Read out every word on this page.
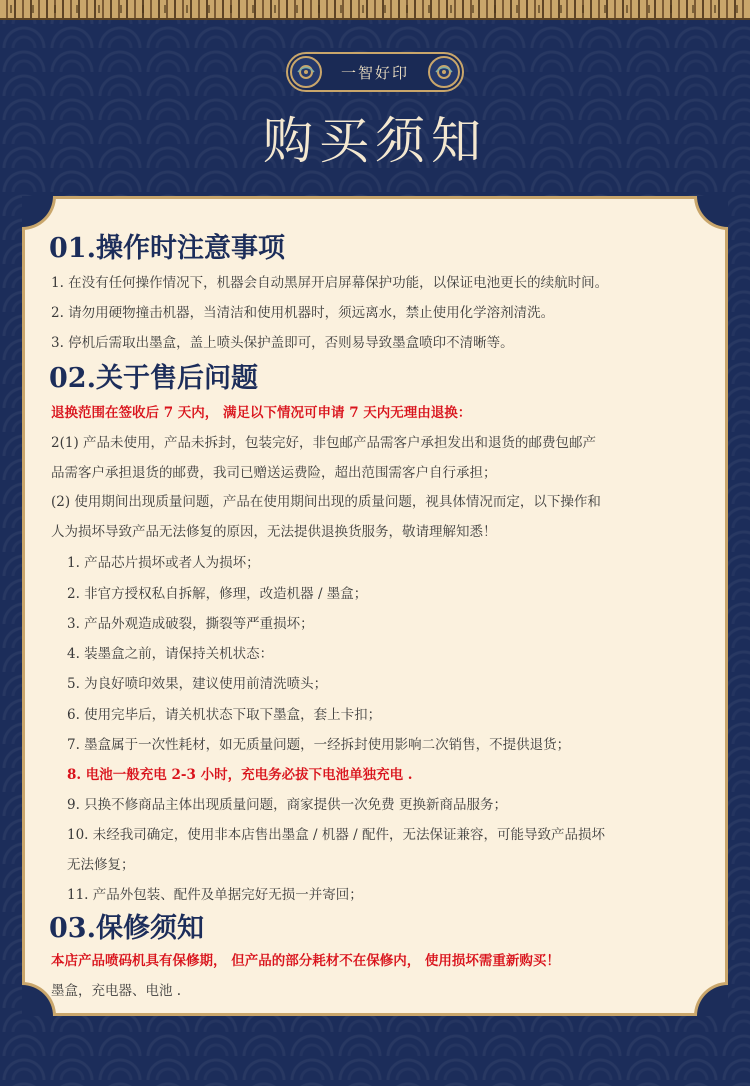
一智好印
购买须知
01.操作时注意事项
1. 在没有任何操作情况下，机器会自动黑屏开启屏幕保护功能，以保证电池更长的续航时间。
2. 请勿用硬物撞击机器，当清洁和使用机器时，须远离水，禁止使用化学溶剂清洗。
3. 停机后需取出墨盒，盖上喷头保护盖即可，否则易导致墨盒喷印不清晰等。
02.关于售后问题
退换范围在签收后 7 天内， 满足以下情况可申请 7 天内无理由退换：
2(1) 产品未使用，产品未拆封，包装完好，非包邮产品需客户承担发出和退货的邮费包邮产
品需客户承担退货的邮费，我司已赠送运费险，超出范围需客户自行承担；
(2) 使用期间出现质量问题，产品在使用期间出现的质量问题，视具体情况而定，以下操作和
人为损坏导致产品无法修复的原因，无法提供退换货服务，敬请理解知悉！
1. 产品芯片损坏或者人为损坏；
2. 非官方授权私自拆解，修理，改造机器 / 墨盒；
3. 产品外观造成破裂，撕裂等严重损坏；
4. 装墨盒之前，请保持关机状态：
5. 为良好喷印效果，建议使用前清洗喷头；
6. 使用完毕后，请关机状态下取下墨盒，套上卡扣；
7. 墨盒属于一次性耗材，如无质量问题，一经拆封使用影响二次销售，不提供退货；
8. 电池一般充电 2-3 小时，充电务必拔下电池单独充电 .
9. 只换不修商品主体出现质量问题，商家提供一次免费 更换新商品服务；
10. 未经我司确定，使用非本店售出墨盒 / 机器 / 配件，无法保证兼容，可能导致产品损坏
无法修复；
11. 产品外包装、配件及单据完好无损一并寄回；
03.保修须知
本店产品喷码机具有保修期， 但产品的部分耗材不在保修内， 使用损坏需重新购买！
墨盒，充电器、电池 .
